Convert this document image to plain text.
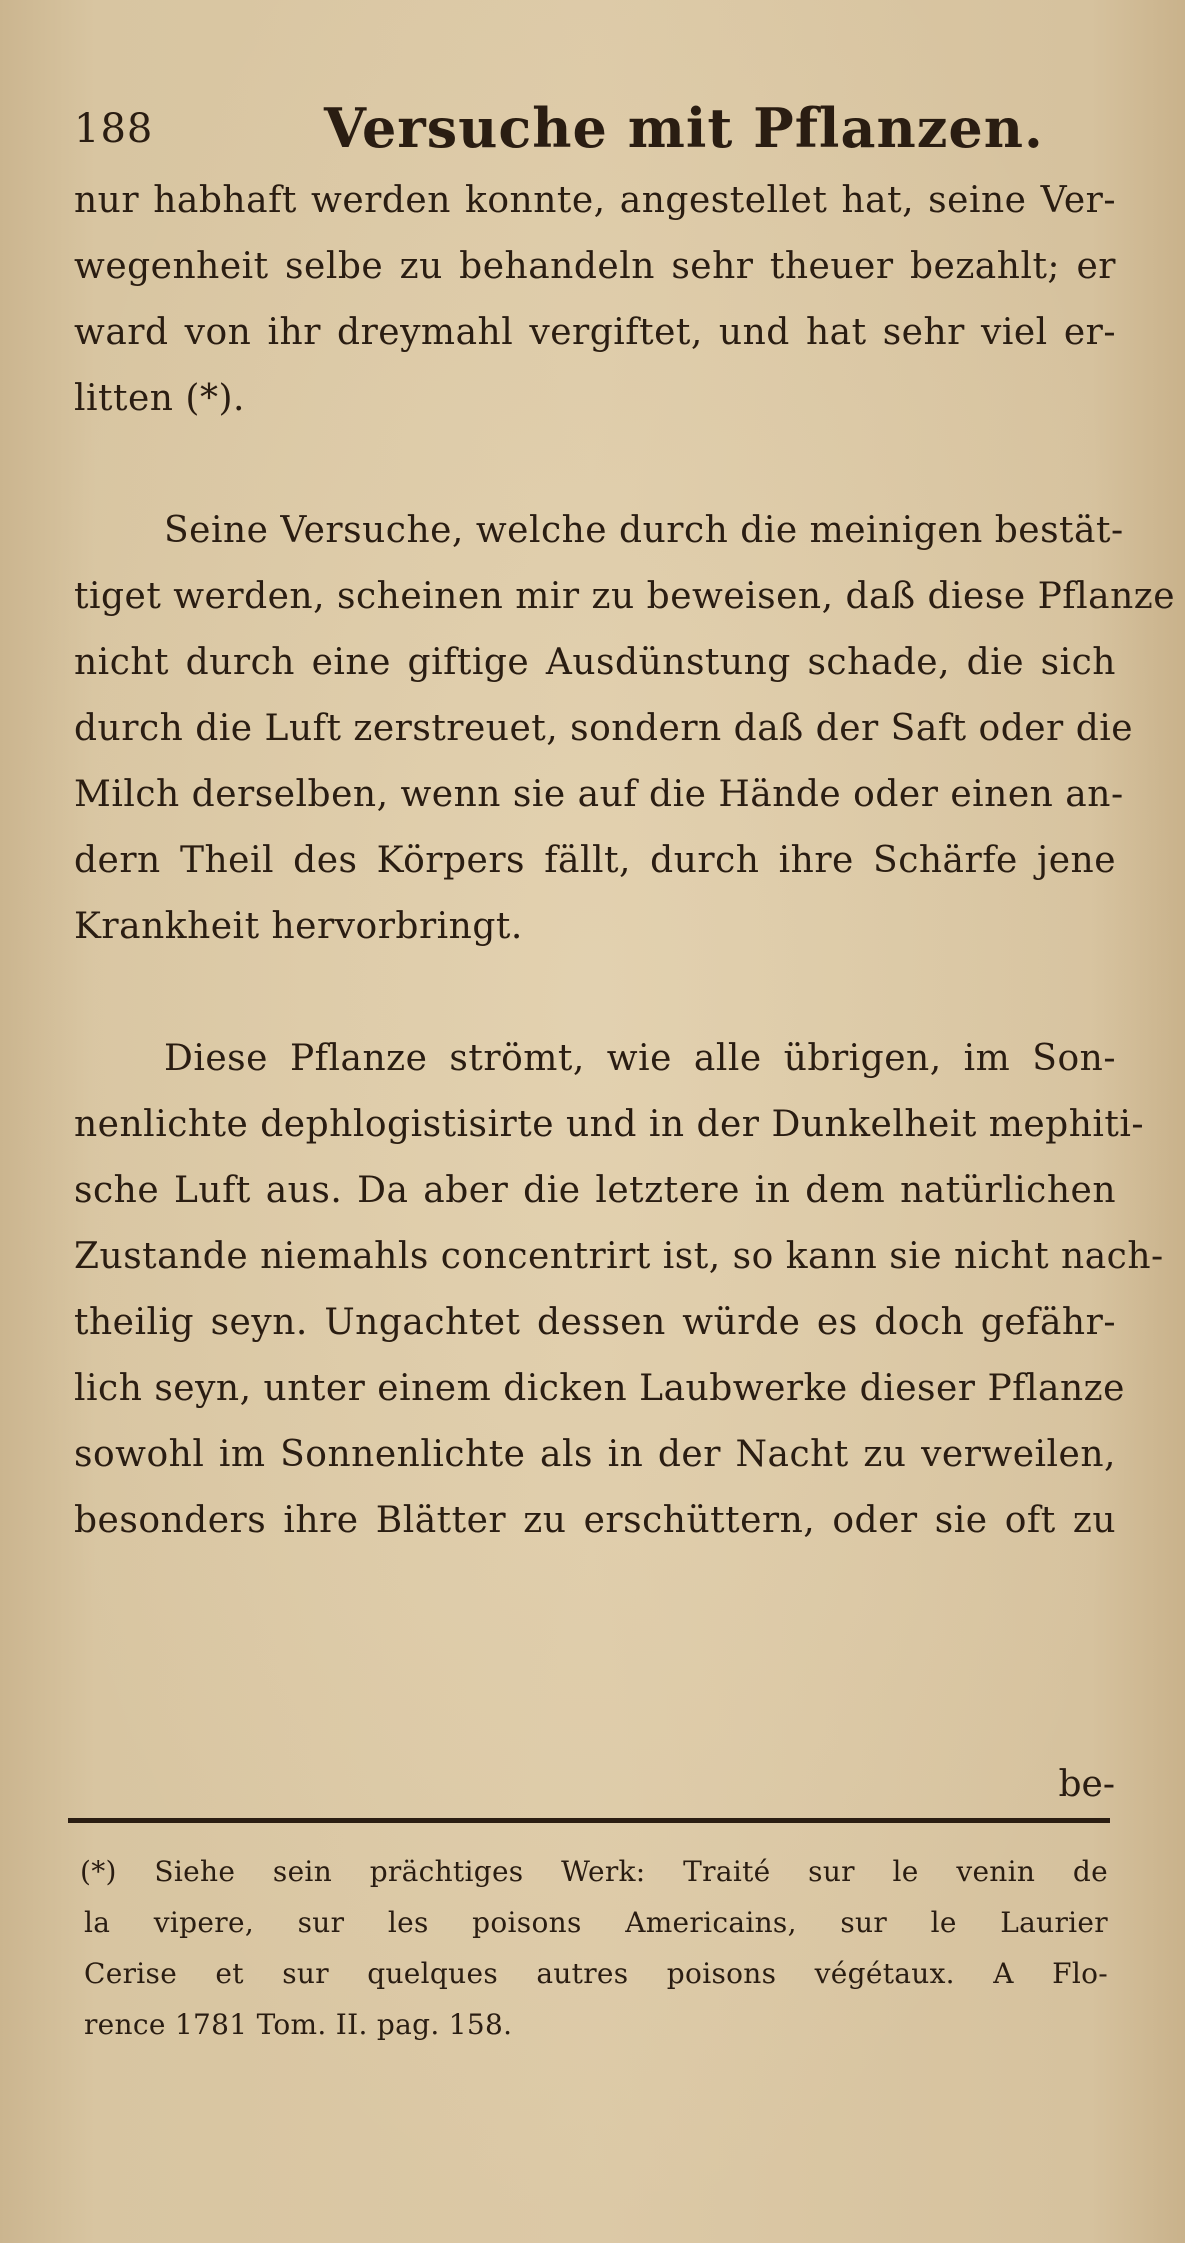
188	Versuche mit Pflanzen.
nur habhaft werden konnte, angestellet hat, seine Ver-
wegenheit selbe zu behandeln sehr theuer bezahlt; er
ward von ihr dreymahl vergiftet, und hat sehr viel er-
litten (*).
Seine Versuche, welche durch die meinigen bestät-
tiget werden, scheinen mir zu beweisen, daß diese Pflanze
nicht durch eine giftige Ausdünstung schade, die sich
durch die Luft zerstreuet, sondern daß der Saft oder die
Milch derselben, wenn sie auf die Hände oder einen an-
dern Theil des Körpers fällt, durch ihre Schärfe jene
Krankheit hervorbringt.
Diese Pflanze strömt, wie alle übrigen, im Son-
nenlichte dephlogistisirte und in der Dunkelheit mephiti-
sche Luft aus. Da aber die letztere in dem natürlichen
Zustande niemahls concentrirt ist, so kann sie nicht nach-
theilig seyn. Ungachtet dessen würde es doch gefähr-
lich seyn, unter einem dicken Laubwerke dieser Pflanze
sowohl im Sonnenlichte als in der Nacht zu verweilen,
besonders ihre Blätter zu erschüttern, oder sie oft zu
be-
(*) Siehe sein prächtiges Werk: Traité sur le venin de
la vipere, sur les poisons Americains, sur le Laurier
Cerise et sur quelques autres poisons végétaux. A Flo-
rence 1781 Tom. II. pag. 158.
